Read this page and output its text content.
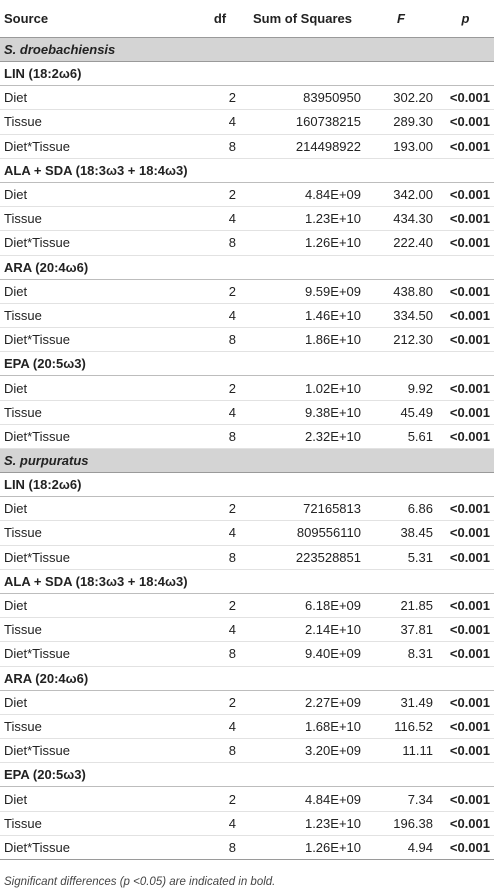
Source	df	Sum of Squares	F	p
S. droebachiensis
LIN (18:2ω6)
Diet	2	83950950	302.20	<0.001
Tissue	4	160738215	289.30	<0.001
Diet*Tissue	8	214498922	193.00	<0.001
ALA + SDA (18:3ω3 + 18:4ω3)
Diet	2	4.84E+09	342.00	<0.001
Tissue	4	1.23E+10	434.30	<0.001
Diet*Tissue	8	1.26E+10	222.40	<0.001
ARA (20:4ω6)
Diet	2	9.59E+09	438.80	<0.001
Tissue	4	1.46E+10	334.50	<0.001
Diet*Tissue	8	1.86E+10	212.30	<0.001
EPA (20:5ω3)
Diet	2	1.02E+10	9.92	<0.001
Tissue	4	9.38E+10	45.49	<0.001
Diet*Tissue	8	2.32E+10	5.61	<0.001
S. purpuratus
LIN (18:2ω6)
Diet	2	72165813	6.86	<0.001
Tissue	4	809556110	38.45	<0.001
Diet*Tissue	8	223528851	5.31	<0.001
ALA + SDA (18:3ω3 + 18:4ω3)
Diet	2	6.18E+09	21.85	<0.001
Tissue	4	2.14E+10	37.81	<0.001
Diet*Tissue	8	9.40E+09	8.31	<0.001
ARA (20:4ω6)
Diet	2	2.27E+09	31.49	<0.001
Tissue	4	1.68E+10	116.52	<0.001
Diet*Tissue	8	3.20E+09	11.11	<0.001
EPA (20:5ω3)
Diet	2	4.84E+09	7.34	<0.001
Tissue	4	1.23E+10	196.38	<0.001
Diet*Tissue	8	1.26E+10	4.94	<0.001
Significant differences (p <0.05) are indicated in bold.
